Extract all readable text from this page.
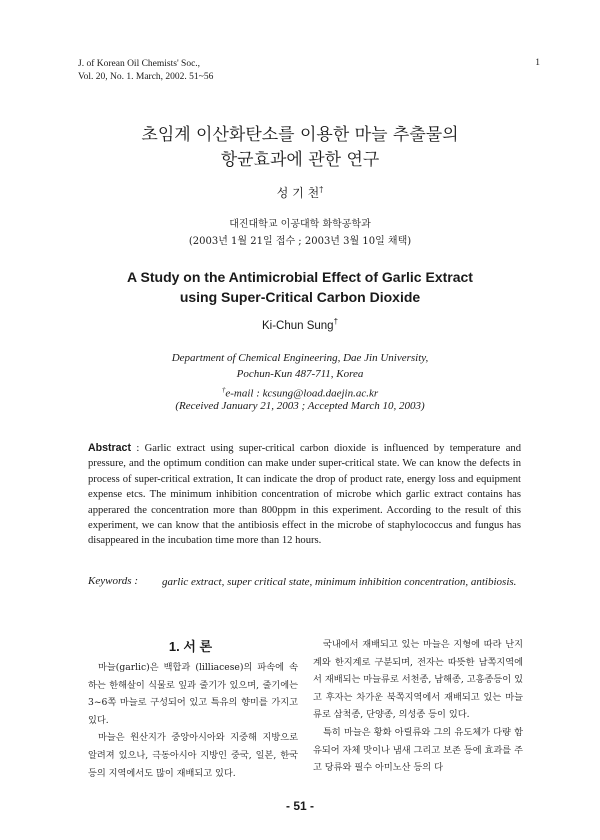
J. of Korean Oil Chemists' Soc.,
Vol. 20, No. 1. March, 2002. 51~56
1
초임계 이산화탄소를 이용한 마늘 추출물의
항균효과에 관한 연구
성 기 천†
대진대학교 이공대학 화학공학과
(2003년 1월 21일 접수 ; 2003년 3월 10일 채택)
A Study on the Antimicrobial Effect of Garlic Extract
using Super-Critical Carbon Dioxide
Ki-Chun Sung†
Department of Chemical Engineering, Dae Jin University,
Pochun-Kun 487-711, Korea
†e-mail : kcsung@load.daejin.ac.kr
(Received January 21, 2003 ; Accepted March 10, 2003)
Abstract : Garlic extract using super-critical carbon dioxide is influenced by temperature and pressure, and the optimum condition can make under super-critical state. We can know the defects in process of super-critical extration, It can indicate the drop of product rate, energy loss and equipment expense etcs. The minimum inhibition concentration of microbe which garlic extract contains has apperared the concentration more than 800ppm in this experiment. According to the result of this experiment, we can know that the antibiosis effect in the microbe of staphylococcus and fungus has disappeared in the incubation time more than 12 hours.
Keywords : garlic extract, super critical state, minimum inhibition concentration, antibiosis.
1. 서 론

마늘(garlic)은 백합과 (lilliacese)의 파속에 속하는 한해살이 식물로 잎과 줄기가 있으며, 줄기에는 3~6쪽 마늘로 구성되어 있고 특유의 향미를 가지고 있다.

마늘은 원산지가 중앙아시아와 지중해 지방으로 알려져 있으나, 극동아시아 지방인 중국, 일본, 한국 등의 지역에서도 많이 재배되고 있다.

국내에서 재배되고 있는 마늘은 지형에 따라 난지계와 한지계로 구분되며, 전자는 따뜻한 남쪽지역에서 재배되는 마늘류로 서천종, 남해종, 고흥종등이 있고 후자는 차가운 북쪽지역에서 재배되고 있는 마늘류로 삼척종, 단양종, 의성종 등이 있다.

특히 마늘은 황화 아릴류와 그의 유도체가 다량 함유되어 자체 맛이나 냄새 그리고 보존 등에 효과를 주고 당류와 필수 아미노산 등의 다

- 51 -
